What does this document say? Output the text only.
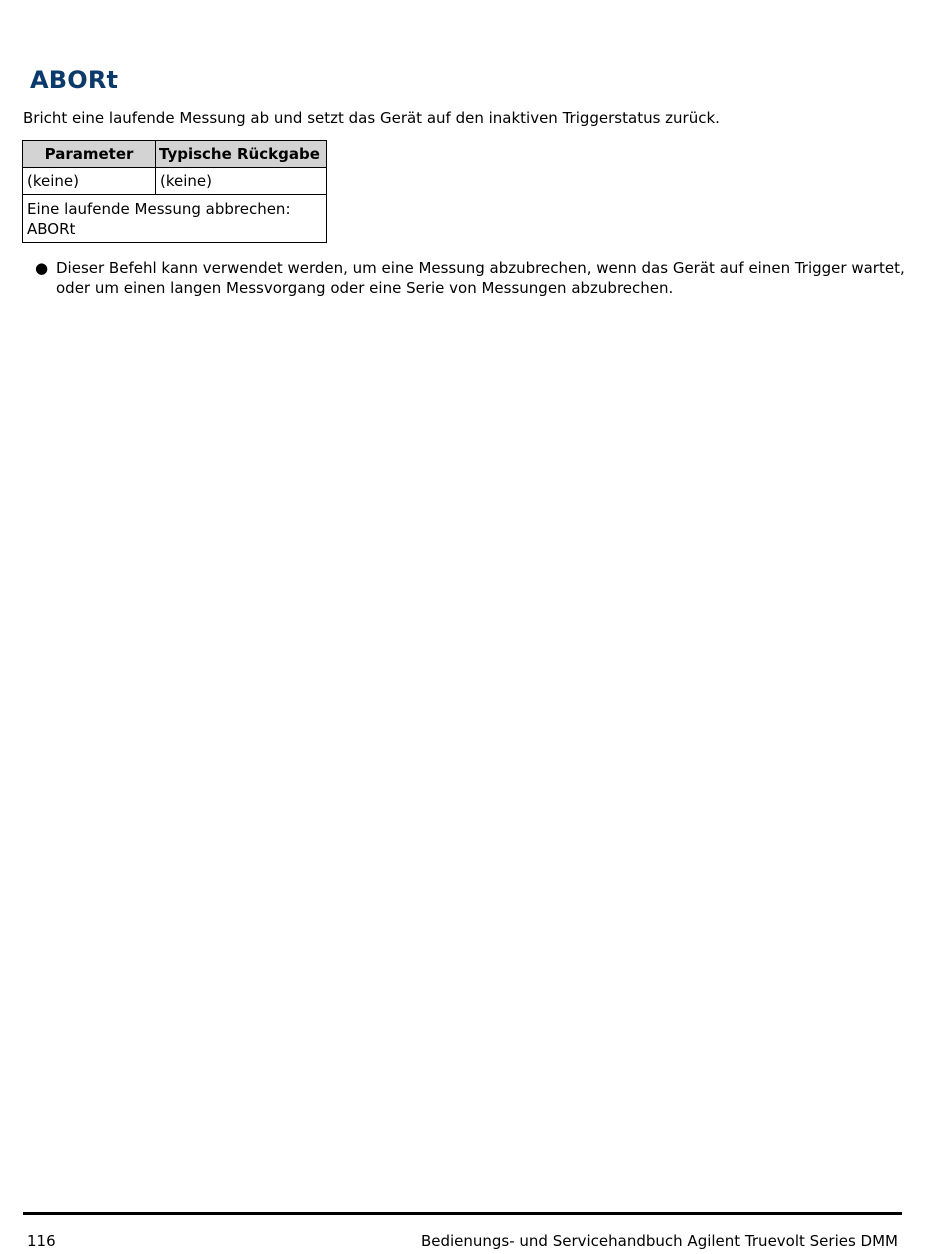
ABORt

Bricht eine laufende Messung ab und setzt das Gerät auf den inaktiven Triggerstatus zurück.

Parameter	Typische Rückgabe
(keine)	(keine)

Eine laufende Messung abbrechen:
ABORt	
● Dieser Befehl kann verwendet werden, um eine Messung abzubrechen, wenn das Gerät auf einen Trigger wartet, oder um einen langen Messvorgang oder eine Serie von Messungen abzubrechen.
116	Bedienungs- und Servicehandbuch Agilent Truevolt Series DMM
